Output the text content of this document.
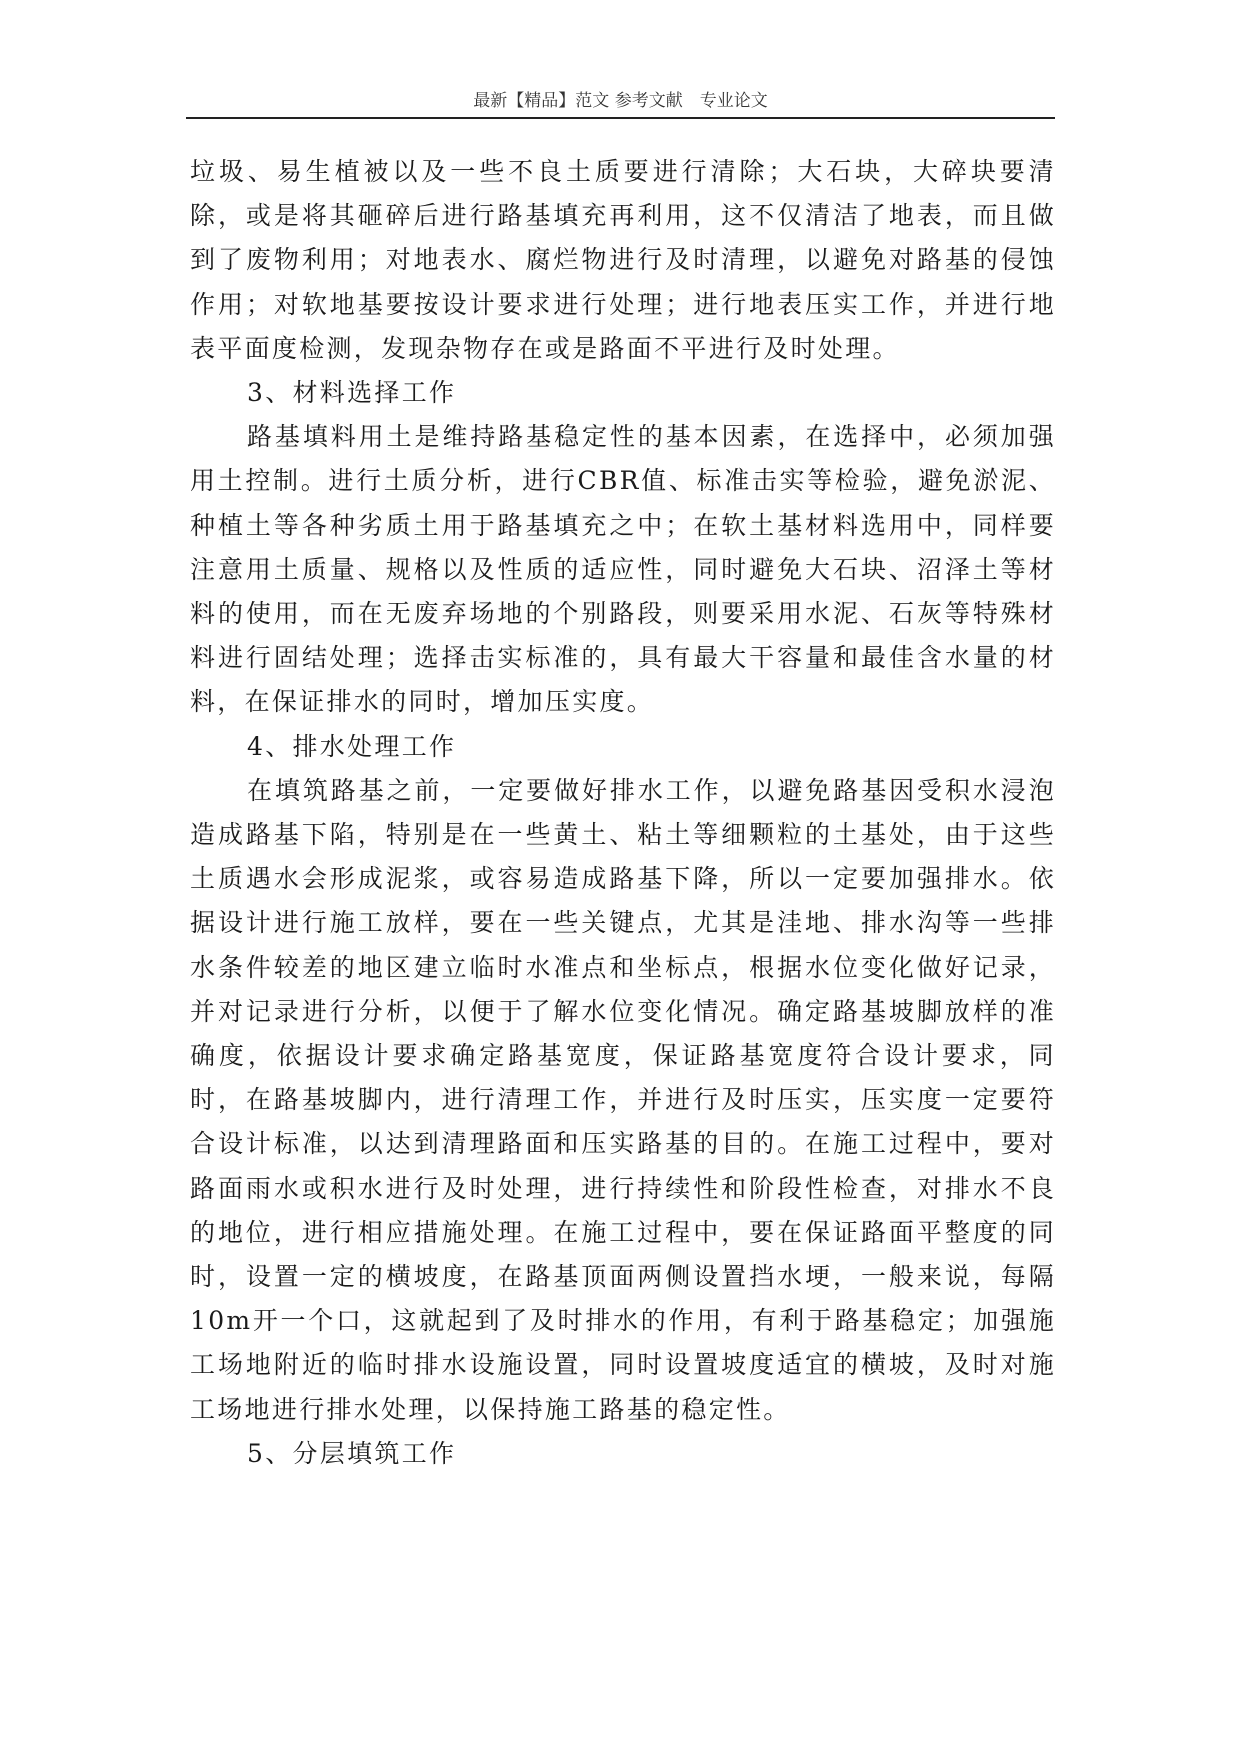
最新【精品】范文 参考文献　专业论文

垃圾、易生植被以及一些不良土质要进行清除；大石块，大碎块要清除，或是将其砸碎后进行路基填充再利用，这不仅清洁了地表，而且做到了废物利用；对地表水、腐烂物进行及时清理，以避免对路基的侵蚀作用；对软地基要按设计要求进行处理；进行地表压实工作，并进行地表平面度检测，发现杂物存在或是路面不平进行及时处理。

3、材料选择工作

路基填料用土是维持路基稳定性的基本因素，在选择中，必须加强用土控制。进行土质分析，进行CBR值、标准击实等检验，避免淤泥、种植土等各种劣质土用于路基填充之中；在软土基材料选用中，同样要注意用土质量、规格以及性质的适应性，同时避免大石块、沼泽土等材料的使用，而在无废弃场地的个别路段，则要采用水泥、石灰等特殊材料进行固结处理；选择击实标准的，具有最大干容量和最佳含水量的材料，在保证排水的同时，增加压实度。

4、排水处理工作

在填筑路基之前，一定要做好排水工作，以避免路基因受积水浸泡造成路基下陷，特别是在一些黄土、粘土等细颗粒的土基处，由于这些土质遇水会形成泥浆，或容易造成路基下降，所以一定要加强排水。依据设计进行施工放样，要在一些关键点，尤其是洼地、排水沟等一些排水条件较差的地区建立临时水准点和坐标点，根据水位变化做好记录，并对记录进行分析，以便于了解水位变化情况。确定路基坡脚放样的准确度，依据设计要求确定路基宽度，保证路基宽度符合设计要求，同时，在路基坡脚内，进行清理工作，并进行及时压实，压实度一定要符合设计标准，以达到清理路面和压实路基的目的。在施工过程中，要对路面雨水或积水进行及时处理，进行持续性和阶段性检查，对排水不良的地位，进行相应措施处理。在施工过程中，要在保证路面平整度的同时，设置一定的横坡度，在路基顶面两侧设置挡水埂，一般来说，每隔10m开一个口，这就起到了及时排水的作用，有利于路基稳定；加强施工场地附近的临时排水设施设置，同时设置坡度适宜的横坡，及时对施工场地进行排水处理，以保持施工路基的稳定性。

5、分层填筑工作
